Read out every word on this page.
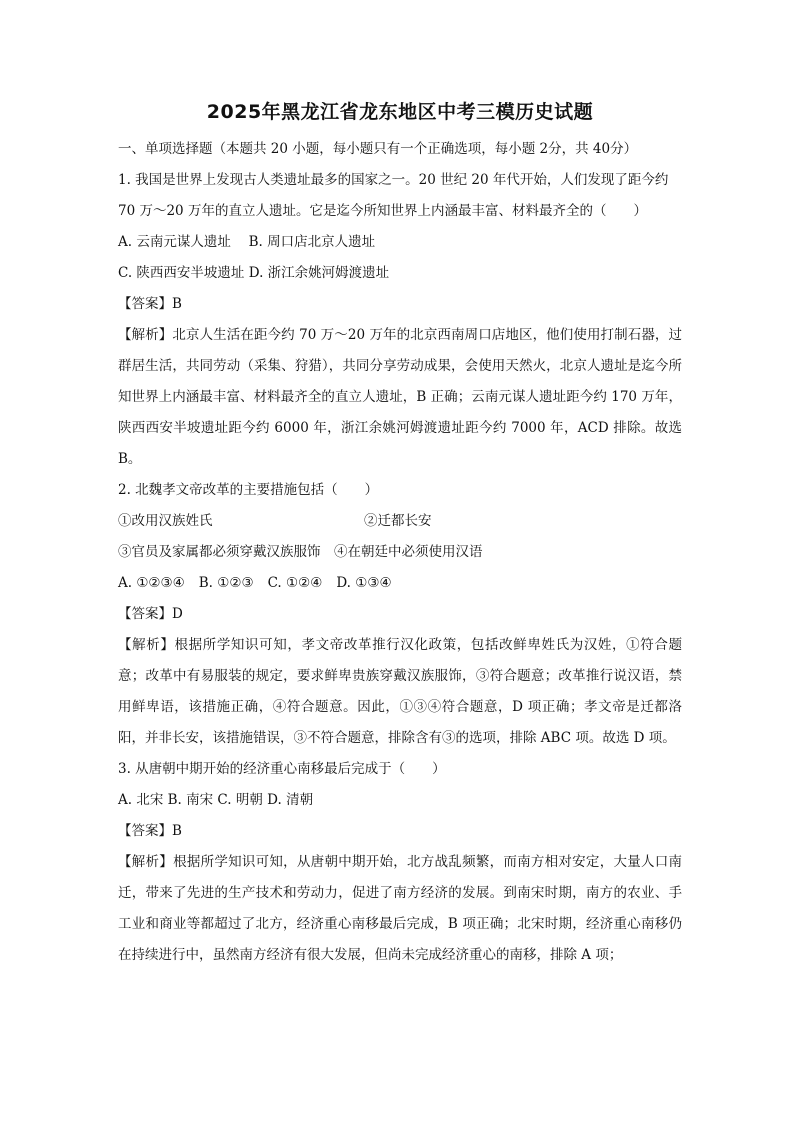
2025年黑龙江省龙东地区中考三模历史试题

一、单项选择题（本题共 20 小题，每小题只有一个正确选项，每小题 2分，共 40分）

1. 我国是世界上发现古人类遗址最多的国家之一。20 世纪 20 年代开始，人们发现了距今约

70 万～20 万年的直立人遗址。它是迄今所知世界上内涵最丰富、材料最齐全的（　　）

A. 云南元谋人遗址　 B. 周口店北京人遗址

C. 陕西西安半坡遗址 D. 浙江余姚河姆渡遗址

【答案】B

【解析】北京人生活在距今约 70 万～20 万年的北京西南周口店地区，他们使用打制石器，过群居生活，共同劳动（采集、狩猎），共同分享劳动成果，会使用天然火，北京人遗址是迄今所知世界上内涵最丰富、材料最齐全的直立人遗址，B 正确；云南元谋人遗址距今约 170 万年，陕西西安半坡遗址距今约 6000 年，浙江余姚河姆渡遗址距今约 7000 年，ACD 排除。故选 B。

2. 北魏孝文帝改革的主要措施包括（　　）

①改用汉族姓氏	②迁都长安

③官员及家属都必须穿戴汉族服饰　④在朝廷中必须使用汉语

A. ①②③④ B. ①②③ C. ①②④ D. ①③④

【答案】D

【解析】根据所学知识可知，孝文帝改革推行汉化政策，包括改鲜卑姓氏为汉姓，①符合题意；改革中有易服装的规定，要求鲜卑贵族穿戴汉族服饰，③符合题意；改革推行说汉语，禁用鲜卑语，该措施正确，④符合题意。因此，①③④符合题意，D 项正确；孝文帝是迁都洛阳，并非长安，该措施错误，③不符合题意，排除含有③的选项，排除 ABC 项。故选 D 项。

3. 从唐朝中期开始的经济重心南移最后完成于（　　）

A. 北宋 B. 南宋 C. 明朝 D. 清朝

【答案】B

【解析】根据所学知识可知，从唐朝中期开始，北方战乱频繁，而南方相对安定，大量人口南迁，带来了先进的生产技术和劳动力，促进了南方经济的发展。到南宋时期，南方的农业、手工业和商业等都超过了北方，经济重心南移最后完成，B 项正确；北宋时期，经济重心南移仍在持续进行中，虽然南方经济有很大发展，但尚未完成经济重心的南移，排除 A 项；
